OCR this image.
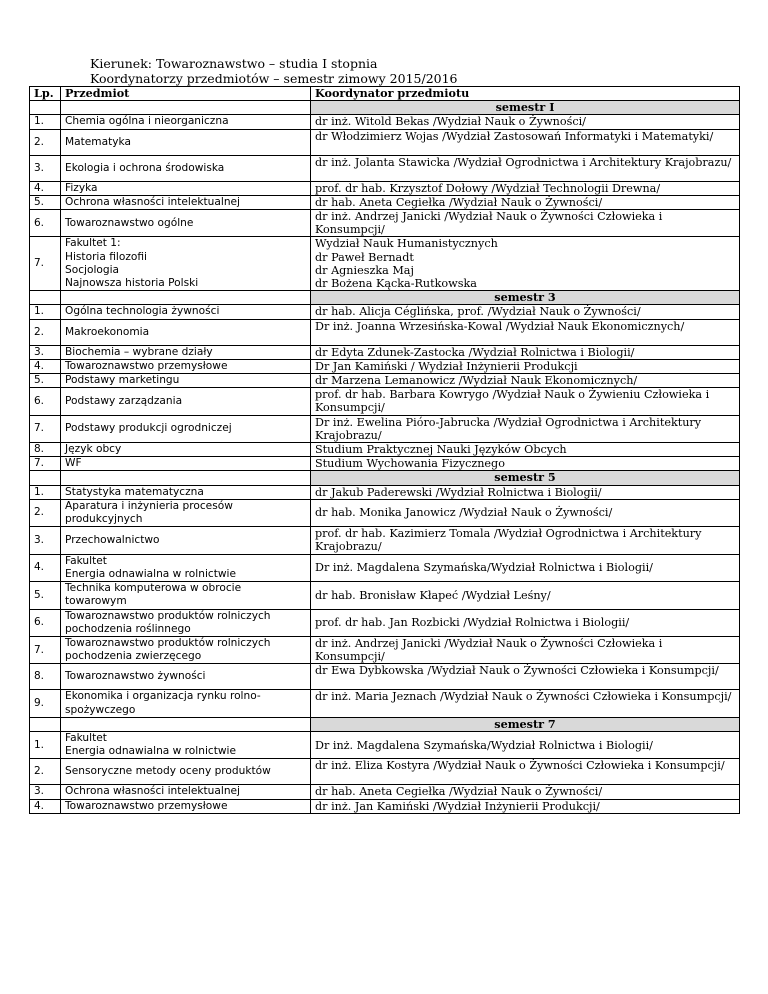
Kierunek: Towaroznawstwo – studia I stopnia
Koordynatorzy przedmiotów – semestr zimowy 2015/2016
Lp.	Przedmiot	Koordynator przedmiotu
		semestr I
1.	Chemia ogólna i nieorganiczna	dr inż. Witold Bekas /Wydział Nauk o Żywności/
2.	Matematyka	dr Włodzimierz Wojas /Wydział Zastosowań Informatyki i Matematyki/
3.	Ekologia i ochrona środowiska	dr inż. Jolanta Stawicka /Wydział Ogrodnictwa i Architektury Krajobrazu/
4.	Fizyka	prof. dr hab. Krzysztof Dołowy /Wydział Technologii Drewna/
5.	Ochrona własności intelektualnej	dr hab. Aneta Cegiełka /Wydział Nauk o Żywności/
6.	Towaroznawstwo ogólne	dr inż. Andrzej Janicki /Wydział Nauk o Żywności Człowieka i Konsumpcji/
7.	Fakultet 1:
Historia filozofii
Socjologia
Najnowsza historia Polski	Wydział Nauk Humanistycznych
dr Paweł Bernadt
dr Agnieszka Maj
dr Bożena Kącka-Rutkowska
		semestr 3
1.	Ogólna technologia żywności	dr hab. Alicja Céglińska, prof. /Wydział Nauk o Żywności/
2.	Makroekonomia	Dr inż. Joanna Wrzesińska-Kowal /Wydział Nauk Ekonomicznych/
3.	Biochemia – wybrane działy	dr Edyta Zdunek-Zastocka /Wydział Rolnictwa i Biologii/
4.	Towaroznawstwo przemysłowe	Dr Jan Kamiński / Wydział Inżynierii Produkcji
5.	Podstawy marketingu	dr Marzena Lemanowicz /Wydział Nauk Ekonomicznych/
6.	Podstawy zarządzania	prof. dr hab. Barbara Kowrygo /Wydział Nauk o Żywieniu Człowieka i Konsumpcji/
7.	Podstawy produkcji ogrodniczej	Dr inż. Ewelina Pióro-Jabrucka /Wydział Ogrodnictwa i Architektury Krajobrazu/
8.	Język obcy	Studium Praktycznej Nauki Języków Obcych
7.	WF	Studium Wychowania Fizycznego
		semestr 5
1.	Statystyka matematyczna	dr Jakub Paderewski /Wydział Rolnictwa i Biologii/
2.	Aparatura i inżynieria procesów produkcyjnych	dr hab. Monika Janowicz /Wydział Nauk o Żywności/
3.	Przechowalnictwo	prof. dr hab. Kazimierz Tomala /Wydział Ogrodnictwa i Architektury Krajobrazu/
4.	Fakultet
Energia odnawialna w rolnictwie	Dr inż. Magdalena Szymańska/Wydział Rolnictwa i Biologii/
5.	Technika komputerowa w obrocie towarowym	dr hab. Bronisław Kłapeć /Wydział Leśny/
6.	Towaroznawstwo produktów rolniczych pochodzenia roślinnego	prof. dr hab. Jan Rozbicki /Wydział Rolnictwa i Biologii/
7.	Towaroznawstwo produktów rolniczych pochodzenia zwierzęcego	dr inż. Andrzej Janicki /Wydział Nauk o Żywności Człowieka i Konsumpcji/
8.	Towaroznawstwo żywności	dr Ewa Dybkowska /Wydział Nauk o Żywności Człowieka i Konsumpcji/
9.	Ekonomika i organizacja rynku rolno-spożywczego	dr inż. Maria Jeznach /Wydział Nauk o Żywności Człowieka i Konsumpcji/
		semestr 7
1.	Fakultet
Energia odnawialna w rolnictwie	Dr inż. Magdalena Szymańska/Wydział Rolnictwa i Biologii/
2.	Sensoryczne metody oceny produktów	dr inż. Eliza Kostyra /Wydział Nauk o Żywności Człowieka i Konsumpcji/
3.	Ochrona własności intelektualnej	dr hab. Aneta Cegiełka /Wydział Nauk o Żywności/
4.	Towaroznawstwo przemysłowe	dr inż. Jan Kamiński /Wydział Inżynierii Produkcji/
